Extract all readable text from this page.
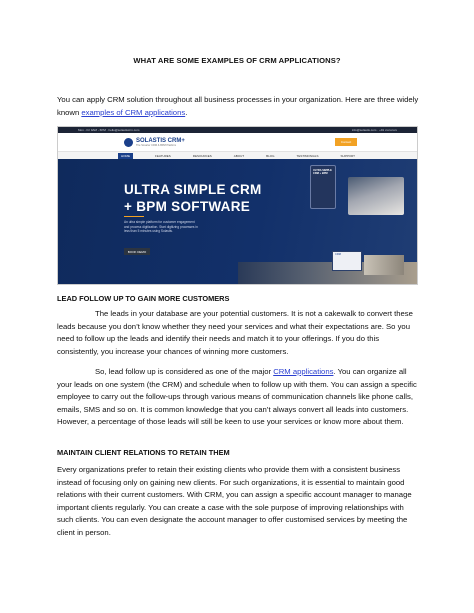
WHAT ARE SOME EXAMPLES OF CRM APPLICATIONS?

You can apply CRM solution throughout all business processes in your organization. Here are three widely known examples of CRM applications.

Mon - Fri 9AM - 6PM · hello@solastiscrm.com	info@solastis.com · +91 xxxxxxxx
SOLASTIS CRM+
The Smarter CRM & BPM Platform
Contact
HOME	FEATURES	RESOURCES	ABOUT	BLOG	TESTIMONIALS	SUPPORT
ULTRA SIMPLE CRM
+ BPM SOFTWARE
An ultra simple platform for customer engagement and process digitization. Start digitizing processes in less than 5 minutes using Solastis.
BOOK DEMO
ULTRA SIMPLE CRM + BPM
CRM
LEAD FOLLOW UP TO GAIN MORE CUSTOMERS

The leads in your database are your potential customers. It is not a cakewalk to convert these leads because you don’t know whether they need your services and what their expectations are. So you need to follow up the leads and identify their needs and match it to your offerings. If you do this consistently, you increase your chances of winning more customers.

So, lead follow up is considered as one of the major CRM applications. You can organize all your leads on one system (the CRM) and schedule when to follow up with them. You can assign a specific employee to carry out the follow-ups through various means of communication channels like phone calls, emails, SMS and so on. It is common knowledge that you can’t always convert all leads into customers. However, a percentage of those leads will still be keen to use your services or know more about them.

MAINTAIN CLIENT RELATIONS TO RETAIN THEM

Every organizations prefer to retain their existing clients who provide them with a consistent business instead of focusing only on gaining new clients. For such organizations, it is essential to maintain good relations with their current customers. With CRM, you can assign a specific account manager to manage important clients regularly. You can create a case with the sole purpose of improving relationships with such clients. You can even designate the account manager to offer customised services by meeting the client in person.
